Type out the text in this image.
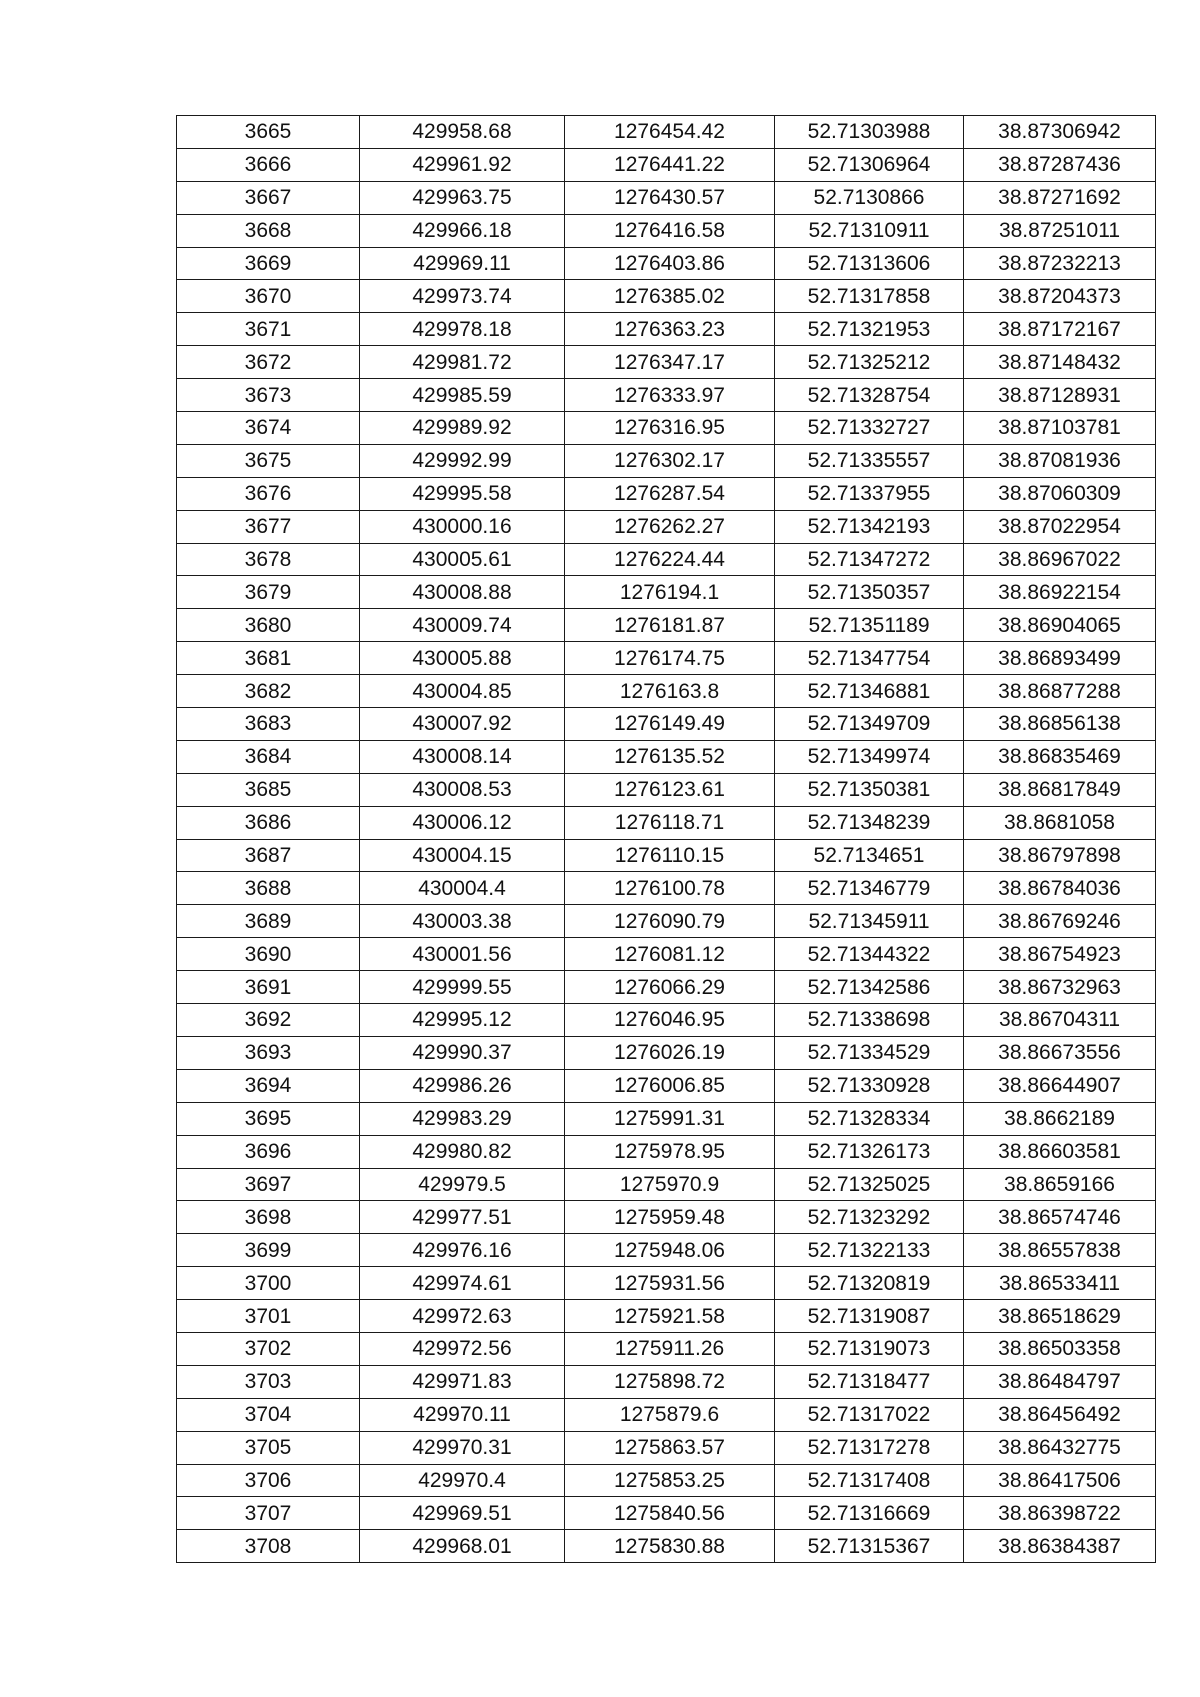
3665	429958.68	1276454.42	52.71303988	38.87306942
3666	429961.92	1276441.22	52.71306964	38.87287436
3667	429963.75	1276430.57	52.7130866	38.87271692
3668	429966.18	1276416.58	52.71310911	38.87251011
3669	429969.11	1276403.86	52.71313606	38.87232213
3670	429973.74	1276385.02	52.71317858	38.87204373
3671	429978.18	1276363.23	52.71321953	38.87172167
3672	429981.72	1276347.17	52.71325212	38.87148432
3673	429985.59	1276333.97	52.71328754	38.87128931
3674	429989.92	1276316.95	52.71332727	38.87103781
3675	429992.99	1276302.17	52.71335557	38.87081936
3676	429995.58	1276287.54	52.71337955	38.87060309
3677	430000.16	1276262.27	52.71342193	38.87022954
3678	430005.61	1276224.44	52.71347272	38.86967022
3679	430008.88	1276194.1	52.71350357	38.86922154
3680	430009.74	1276181.87	52.71351189	38.86904065
3681	430005.88	1276174.75	52.71347754	38.86893499
3682	430004.85	1276163.8	52.71346881	38.86877288
3683	430007.92	1276149.49	52.71349709	38.86856138
3684	430008.14	1276135.52	52.71349974	38.86835469
3685	430008.53	1276123.61	52.71350381	38.86817849
3686	430006.12	1276118.71	52.71348239	38.8681058
3687	430004.15	1276110.15	52.7134651	38.86797898
3688	430004.4	1276100.78	52.71346779	38.86784036
3689	430003.38	1276090.79	52.71345911	38.86769246
3690	430001.56	1276081.12	52.71344322	38.86754923
3691	429999.55	1276066.29	52.71342586	38.86732963
3692	429995.12	1276046.95	52.71338698	38.86704311
3693	429990.37	1276026.19	52.71334529	38.86673556
3694	429986.26	1276006.85	52.71330928	38.86644907
3695	429983.29	1275991.31	52.71328334	38.8662189
3696	429980.82	1275978.95	52.71326173	38.86603581
3697	429979.5	1275970.9	52.71325025	38.8659166
3698	429977.51	1275959.48	52.71323292	38.86574746
3699	429976.16	1275948.06	52.71322133	38.86557838
3700	429974.61	1275931.56	52.71320819	38.86533411
3701	429972.63	1275921.58	52.71319087	38.86518629
3702	429972.56	1275911.26	52.71319073	38.86503358
3703	429971.83	1275898.72	52.71318477	38.86484797
3704	429970.11	1275879.6	52.71317022	38.86456492
3705	429970.31	1275863.57	52.71317278	38.86432775
3706	429970.4	1275853.25	52.71317408	38.86417506
3707	429969.51	1275840.56	52.71316669	38.86398722
3708	429968.01	1275830.88	52.71315367	38.86384387
